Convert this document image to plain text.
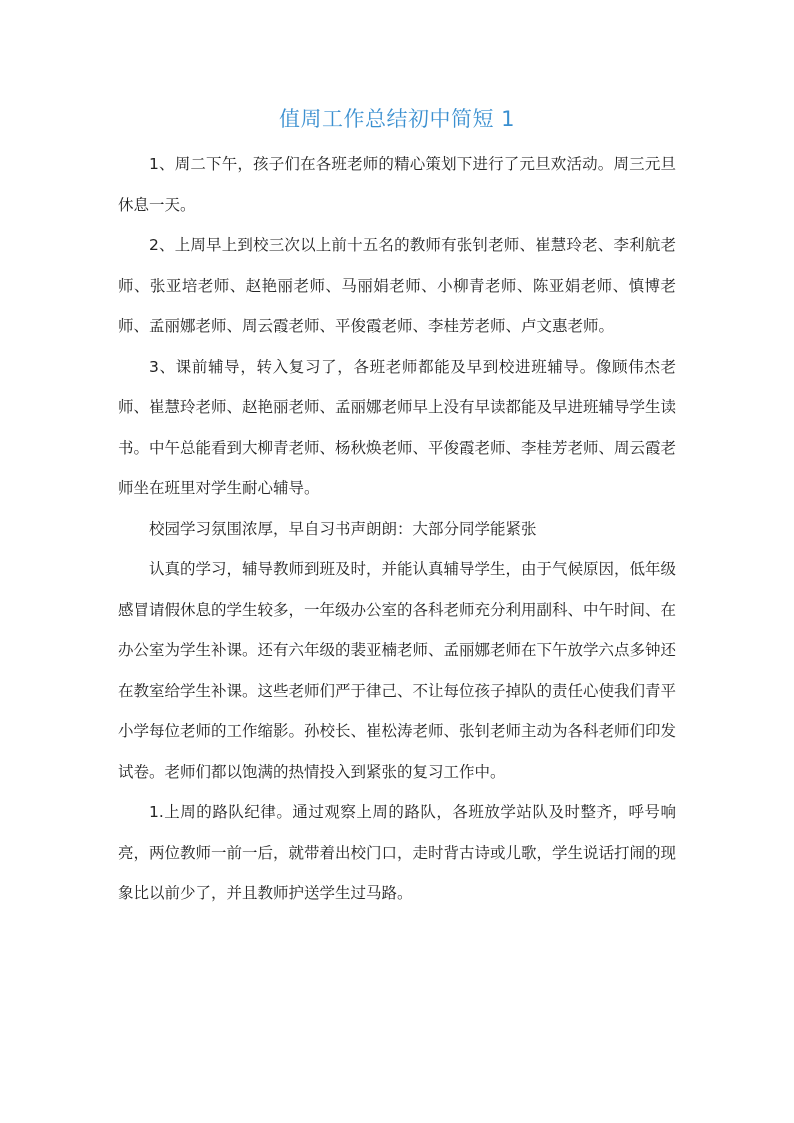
值周工作总结初中简短 1

1、周二下午，孩子们在各班老师的精心策划下进行了元旦欢活动。周三元旦休息一天。

2、上周早上到校三次以上前十五名的教师有张钊老师、崔慧玲老、李利航老师、张亚培老师、赵艳丽老师、马丽娟老师、小柳青老师、陈亚娟老师、慎博老师、孟丽娜老师、周云霞老师、平俊霞老师、李桂芳老师、卢文惠老师。

3、课前辅导，转入复习了，各班老师都能及早到校进班辅导。像顾伟杰老师、崔慧玲老师、赵艳丽老师、孟丽娜老师早上没有早读都能及早进班辅导学生读书。中午总能看到大柳青老师、杨秋焕老师、平俊霞老师、李桂芳老师、周云霞老师坐在班里对学生耐心辅导。

校园学习氛围浓厚，早自习书声朗朗：大部分同学能紧张

认真的学习，辅导教师到班及时，并能认真辅导学生，由于气候原因，低年级感冒请假休息的学生较多，一年级办公室的各科老师充分利用副科、中午时间、在办公室为学生补课。还有六年级的裴亚楠老师、孟丽娜老师在下午放学六点多钟还在教室给学生补课。这些老师们严于律己、不让每位孩子掉队的责任心使我们青平小学每位老师的工作缩影。孙校长、崔松涛老师、张钊老师主动为各科老师们印发试卷。老师们都以饱满的热情投入到紧张的复习工作中。

1.上周的路队纪律。通过观察上周的路队，各班放学站队及时整齐，呼号响亮，两位教师一前一后，就带着出校门口，走时背古诗或儿歌，学生说话打闹的现象比以前少了，并且教师护送学生过马路。
